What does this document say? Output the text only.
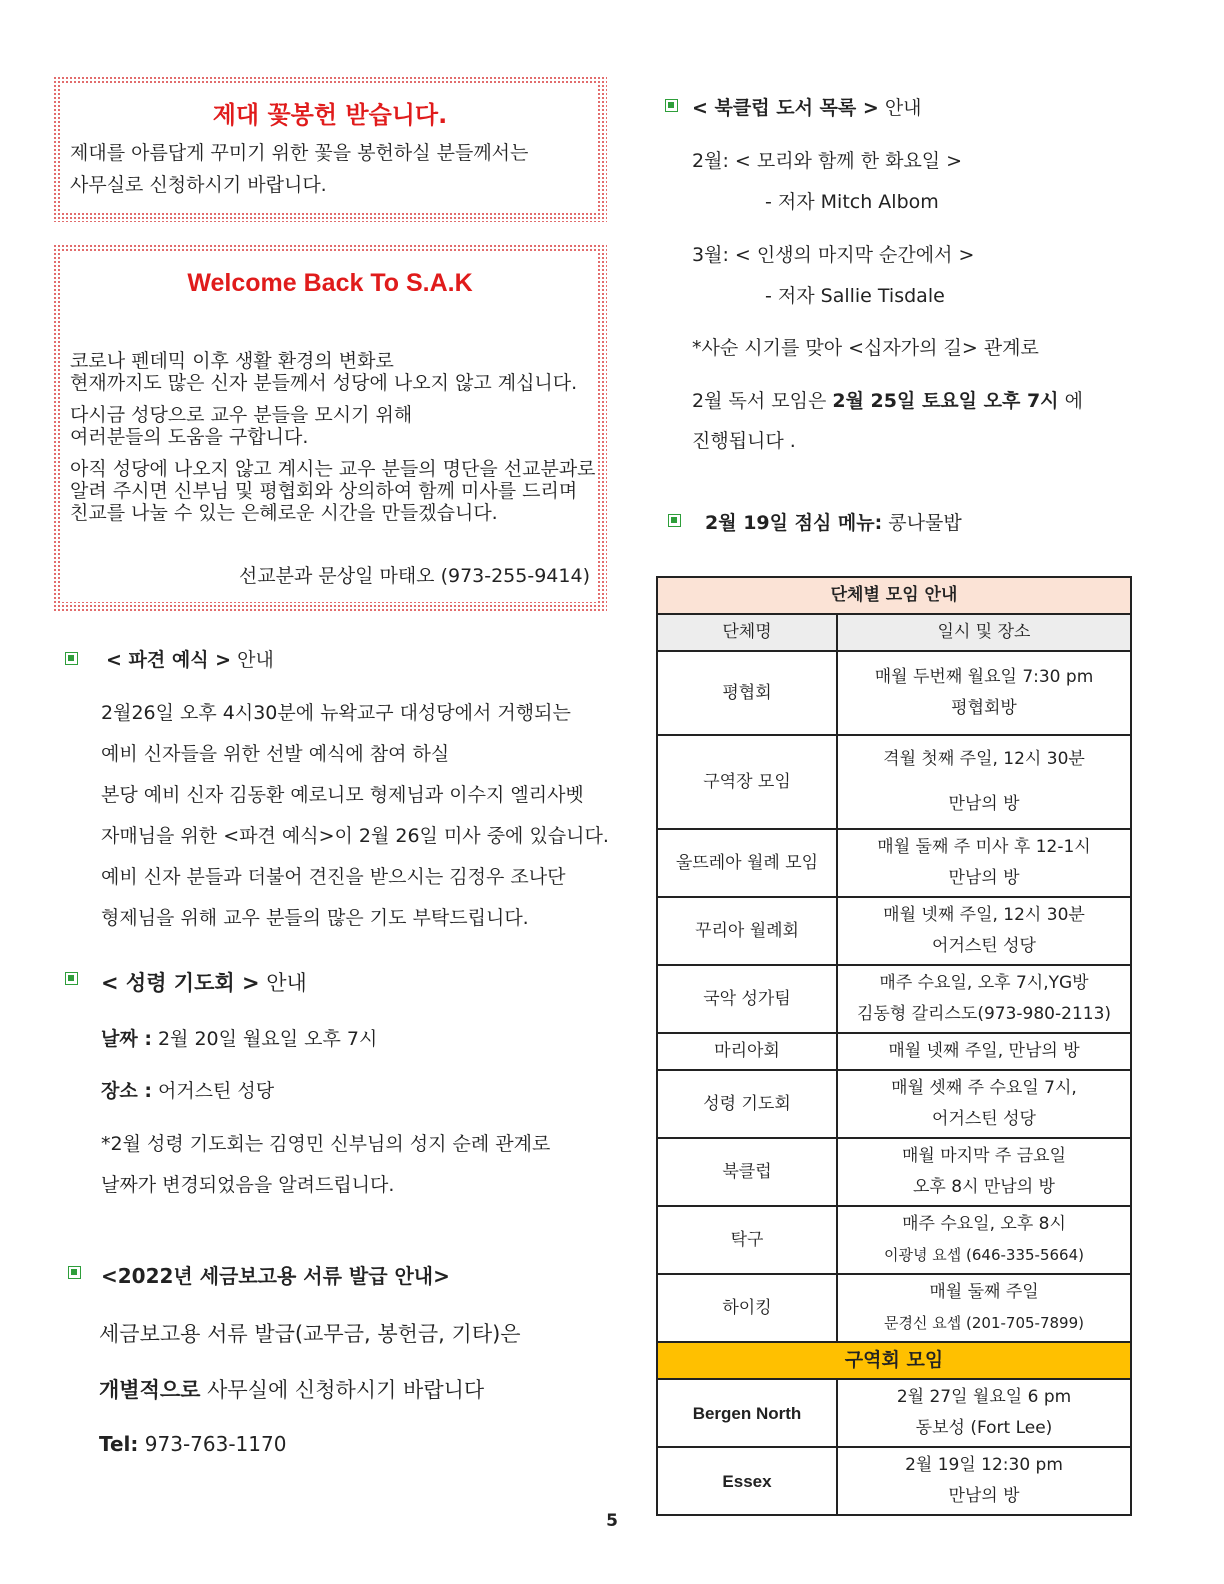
제대 꽃봉헌 받습니다.
제대를 아름답게 꾸미기 위한 꽃을 봉헌하실 분들께서는
사무실로 신청하시기 바랍니다.
Welcome Back To S.A.K
코로나 펜데믹 이후 생활 환경의 변화로
현재까지도 많은 신자 분들께서 성당에 나오지 않고 계십니다.
다시금 성당으로 교우 분들을 모시기 위해
여러분들의 도움을 구합니다.
아직 성당에 나오지 않고 계시는 교우 분들의 명단을 선교분과로
알려 주시면 신부님 및 평협회와 상의하여 함께 미사를 드리며
친교를 나눌 수 있는 은혜로운 시간을 만들겠습니다.
선교분과 문상일 마태오 (973-255-9414)
< 파견 예식 > 안내
2월26일 오후 4시30분에 뉴왁교구 대성당에서 거행되는
예비 신자들을 위한 선발 예식에 참여 하실
본당 예비 신자 김동환 예로니모 형제님과 이수지 엘리사벳
자매님을 위한 <파견 예식>이 2월 26일 미사 중에 있습니다.
예비 신자 분들과 더불어 견진을 받으시는 김정우 조나단
형제님을 위해 교우 분들의 많은 기도 부탁드립니다.
< 성령 기도회 > 안내
날짜 : 2월 20일 월요일 오후 7시
장소 : 어거스틴 성당
*2월 성령 기도회는 김영민 신부님의 성지 순례 관계로
날짜가 변경되었음을 알려드립니다.
<2022년 세금보고용 서류 발급 안내>
세금보고용 서류 발급(교무금, 봉헌금, 기타)은
개별적으로 사무실에 신청하시기 바랍니다
Tel: 973-763-1170
< 북클럽 도서 목록 > 안내
2월: < 모리와 함께 한 화요일 >
- 저자 Mitch Albom
3월: < 인생의 마지막 순간에서 >
- 저자 Sallie Tisdale
*사순 시기를 맞아 <십자가의 길> 관계로
2월 독서 모임은 2월 25일 토요일 오후 7시 에
진행됩니다 .
2월 19일 점심 메뉴: 콩나물밥
단체별 모임 안내	
단체명	일시 및 장소
평협회	매월 두번째 월요일 7:30 pm
평협회방

구역장 모임	격월 첫째 주일, 12시 30분
만남의 방

울뜨레아 월례 모임	매월 둘째 주 미사 후 12-1시
만남의 방

꾸리아 월례회	매월 넷째 주일, 12시 30분
어거스틴 성당

국악 성가팀	매주 수요일, 오후 7시,YG방
김동형 갈리스도(973-980-2113)

마리아회	매월 넷째 주일, 만남의 방
성령 기도회	매월 셋째 주 수요일 7시,
어거스틴 성당

북클럽	매월 마지막 주 금요일
오후 8시 만남의 방

탁구	매주 수요일, 오후 8시
이광녕 요셉 (646-335-5664)

하이킹	매월 둘째 주일
문경신 요셉 (201-705-7899)

구역회 모임	
Bergen North	2월 27일 월요일 6 pm
동보성 (Fort Lee)

Essex	2월 19일 12:30 pm
만남의 방
5
